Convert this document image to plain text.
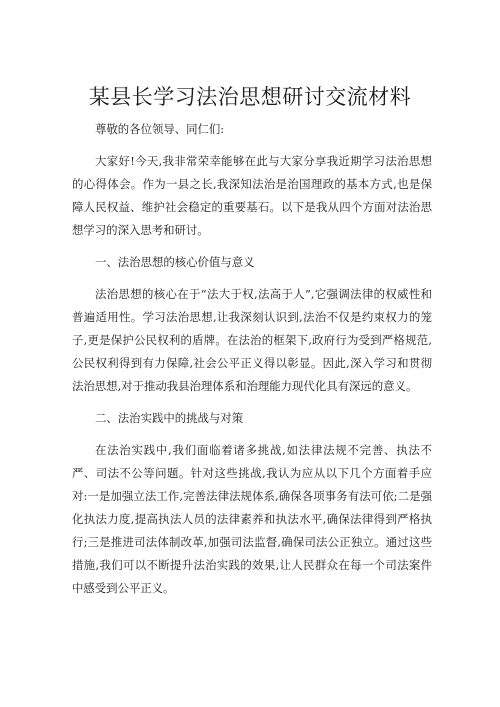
某县长学习法治思想研讨交流材料

尊敬的各位领导、同仁们:

大家好!今天,我非常荣幸能够在此与大家分享我近期学习法治思想的心得体会。作为一县之长,我深知法治是治国理政的基本方式,也是保障人民权益、维护社会稳定的重要基石。以下是我从四个方面对法治思想学习的深入思考和研讨。

一、法治思想的核心价值与意义

法治思想的核心在于“法大于权,法高于人”,它强调法律的权威性和普遍适用性。学习法治思想,让我深刻认识到,法治不仅是约束权力的笼子,更是保护公民权利的盾牌。在法治的框架下,政府行为受到严格规范,公民权利得到有力保障,社会公平正义得以彰显。因此,深入学习和贯彻法治思想,对于推动我县治理体系和治理能力现代化具有深远的意义。

二、法治实践中的挑战与对策

在法治实践中,我们面临着诸多挑战,如法律法规不完善、执法不严、司法不公等问题。针对这些挑战,我认为应从以下几个方面着手应对:一是加强立法工作,完善法律法规体系,确保各项事务有法可依;二是强化执法力度,提高执法人员的法律素养和执法水平,确保法律得到严格执行;三是推进司法体制改革,加强司法监督,确保司法公正独立。通过这些措施,我们可以不断提升法治实践的效果,让人民群众在每一个司法案件中感受到公平正义。
